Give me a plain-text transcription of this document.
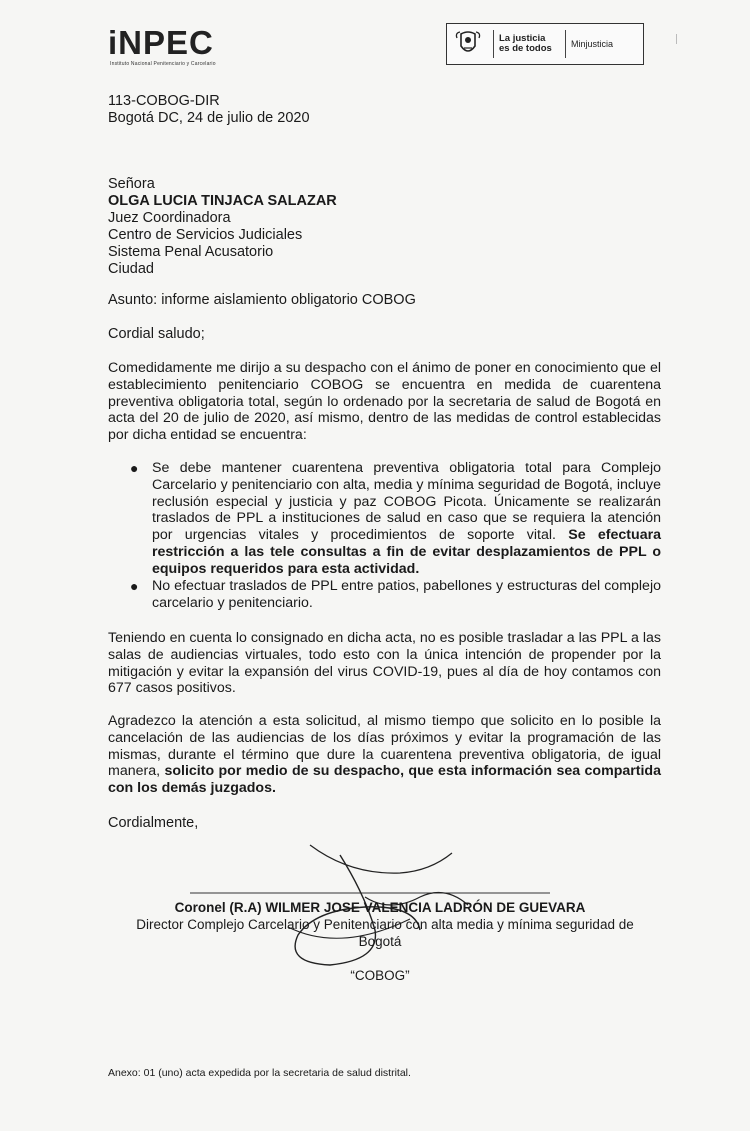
iNPEC
Instituto Nacional Penitenciario y Carcelario
La justicia
es de todos Minjusticia
113-COBOG-DIR
Bogotá DC, 24 de julio de 2020
Señora
OLGA LUCIA TINJACA SALAZAR
Juez Coordinadora
Centro de Servicios Judiciales
Sistema Penal Acusatorio
Ciudad
Asunto: informe aislamiento obligatorio COBOG
Cordial saludo;
Comedidamente me dirijo a su despacho con el ánimo de poner en conocimiento que el establecimiento penitenciario COBOG se encuentra en medida de cuarentena preventiva obligatoria total, según lo ordenado por la secretaria de salud de Bogotá en acta del 20 de julio de 2020, así mismo, dentro de las medidas de control establecidas por dicha entidad se encuentra:
● Se debe mantener cuarentena preventiva obligatoria total para Complejo Carcelario y penitenciario con alta, media y mínima seguridad de Bogotá, incluye reclusión especial y justicia y paz COBOG Picota. Únicamente se realizarán traslados de PPL a instituciones de salud en caso que se requiera la atención por urgencias vitales y procedimientos de soporte vital. Se efectuara restricción a las tele consultas a fin de evitar desplazamientos de PPL o equipos requeridos para esta actividad.
● No efectuar traslados de PPL entre patios, pabellones y estructuras del complejo carcelario y penitenciario.
Teniendo en cuenta lo consignado en dicha acta, no es posible trasladar a las PPL a las salas de audiencias virtuales, todo esto con la única intención de propender por la mitigación y evitar la expansión del virus COVID-19, pues al día de hoy contamos con 677 casos positivos.
Agradezco la atención a esta solicitud, al mismo tiempo que solicito en lo posible la cancelación de las audiencias de los días próximos y evitar la programación de las mismas, durante el término que dure la cuarentena preventiva obligatoria, de igual manera, solicito por medio de su despacho, que esta información sea compartida con los demás juzgados.
Cordialmente,
Coronel (R.A) WILMER JOSE VALENCIA LADRÓN DE GUEVARA
Director Complejo Carcelario y Penitenciario con alta media y mínima seguridad de
Bogotá
“COBOG”
Anexo: 01 (uno) acta expedida por la secretaria de salud distrital.
